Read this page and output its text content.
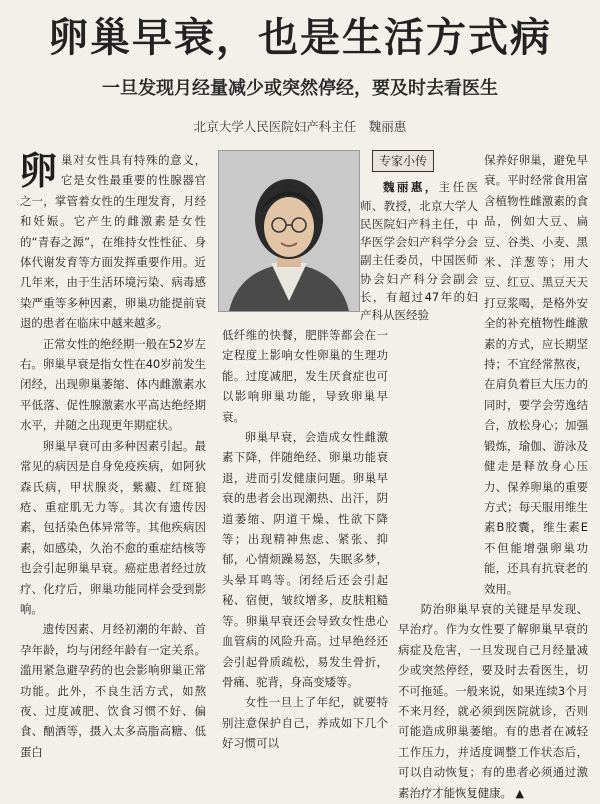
卵巢早衰，也是生活方式病
一旦发现月经量减少或突然停经，要及时去看医生
北京大学人民医院妇产科主任　魏丽惠

卵巢对女性具有特殊的意义，它是女性最重要的性腺器官之一，掌管着女性的生理发育，月经和妊娠。它产生的雌激素是女性的“青春之源”，在维持女性性征、身体代谢发育等方面发挥重要作用。近几年来，由于生活环境污染、病毒感染严重等多种因素，卵巢功能提前衰退的患者在临床中越来越多。

正常女性的绝经期一般在52岁左右。卵巢早衰是指女性在40岁前发生闭经，出现卵巢萎缩、体内雌激素水平低落、促性腺激素水平高达绝经期水平，并随之出现更年期症状。

卵巢早衰可由多种因素引起。最常见的病因是自身免疫疾病，如阿狄森氏病，甲状腺炎，紫癜、红斑狼疮、重症肌无力等。其次有遗传因素，包括染色体异常等。其他疾病因素，如感染，久治不愈的重症结核等也会引起卵巢早衰。癌症患者经过放疗、化疗后，卵巢功能同样会受到影响。

遗传因素、月经初潮的年龄、首孕年龄，均与闭经年龄有一定关系。滥用紧急避孕药的也会影响卵巢正常功能。此外，不良生活方式，如熬夜、过度减肥、饮食习惯不好、偏食、酗酒等，摄入太多高脂高糖、低蛋白

专家小传

魏丽惠，主任医师、教授，北京大学人民医院妇产科主任，中华医学会妇产科学分会副主任委员，中国医师协会妇产科分会副会长，有超过47年的妇产科从医经验

低纤维的快餐，肥胖等都会在一定程度上影响女性卵巢的生理功能。过度减肥，发生厌食症也可以影响卵巢功能，导致卵巢早衰。

卵巢早衰，会造成女性雌激素下降，伴随绝经、卵巢功能衰退，进而引发健康问题。卵巢早衰的患者会出现潮热、出汗，阴道萎缩、阴道干燥、性欲下降等；出现精神焦虑、紧张、抑郁，心情烦躁易怒，失眠多梦，头晕耳鸣等。闭经后还会引起秘、宿便，皱纹增多，皮肤粗糙等。卵巢早衰还会导致女性患心血管病的风险升高。过早绝经还会引起骨质疏松，易发生骨折，骨痛、驼背，身高变矮等。

女性一旦上了年纪，就要特别注意保护自己，养成如下几个好习惯可以

保养好卵巢，避免早衰。平时经常食用富含植物性雌激素的食品，例如大豆、扁豆、谷类、小麦、黑米、洋葱等；用大豆、红豆、黑豆天天打豆浆喝，是格外安全的补充植物性雌激素的方式，应长期坚持；不宜经常熬夜，在肩负着巨大压力的同时，要学会劳逸结合，放松身心；加强锻炼，瑜伽、游泳及健走是释放身心压力、保养卵巢的重要方式；每天服用维生素B胶囊，维生素E不但能增强卵巢功能，还具有抗衰老的效用。

防治卵巢早衰的关键是早发现、早治疗。作为女性要了解卵巢早衰的病症及危害，一旦发现自己月经量减少或突然停经，要及时去看医生，切不可拖延。一般来说，如果连续3个月不来月经，就必须到医院就诊，否则可能造成卵巢萎缩。有的患者在减轻工作压力，并适度调整工作状态后，可以自动恢复；有的患者必须通过激素治疗才能恢复健康。 ▲
